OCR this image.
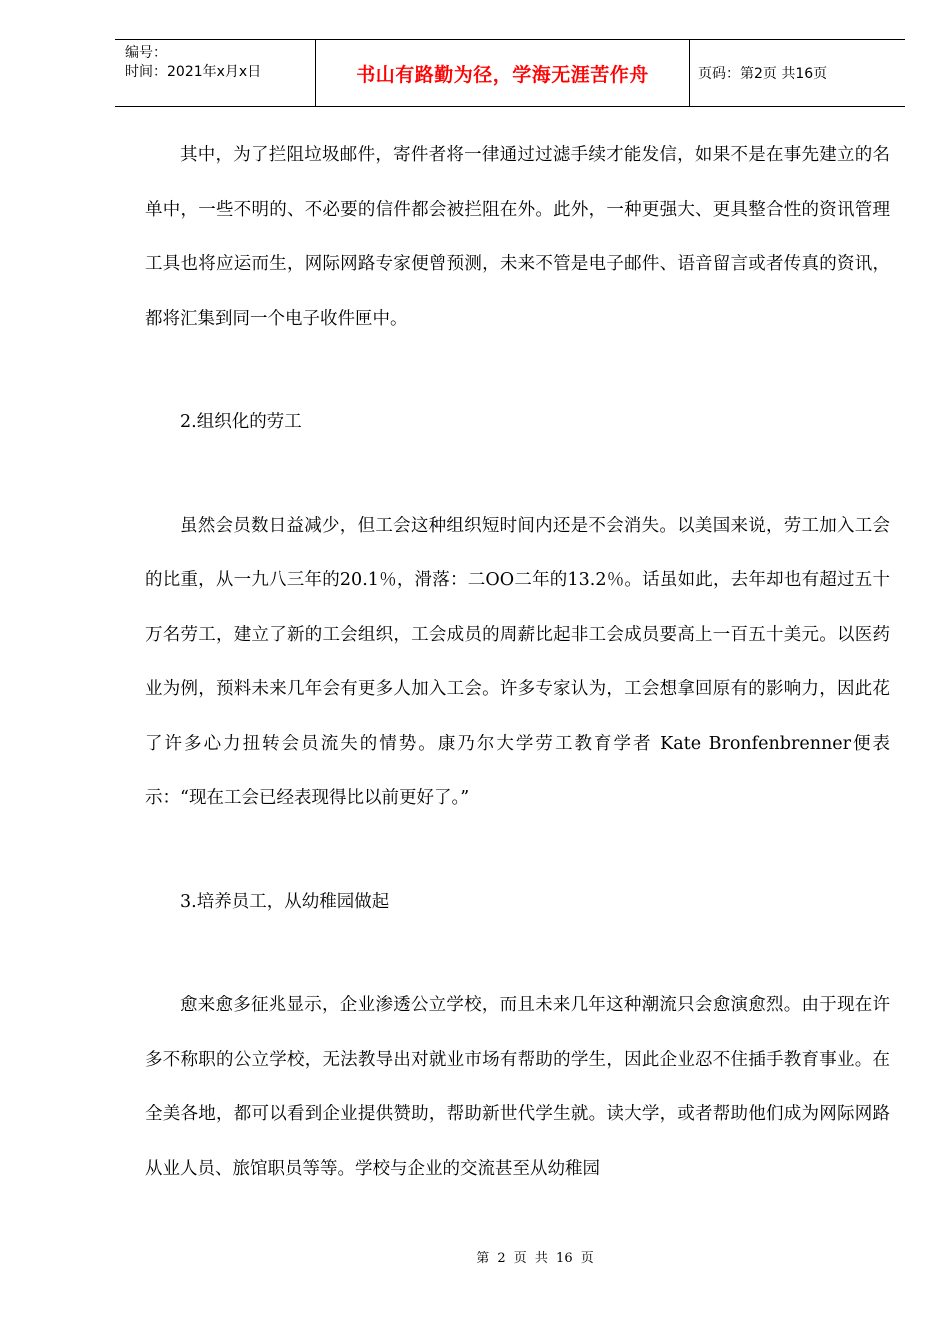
编号：
时间：2021年x月x日	书山有路勤为径，学海无涯苦作舟	页码：第2页 共16页

其中，为了拦阻垃圾邮件，寄件者将一律通过过滤手续才能发信，如果不是在事先建立的名单中，一些不明的、不必要的信件都会被拦阻在外。此外，一种更强大、更具整合性的资讯管理工具也将应运而生，网际网路专家便曾预测，未来不管是电子邮件、语音留言或者传真的资讯，都将汇集到同一个电子收件匣中。

2.组织化的劳工

虽然会员数日益减少，但工会这种组织短时间内还是不会消失。以美国来说，劳工加入工会的比重，从一九八三年的20.1％，滑落：二OO二年的13.2％。话虽如此，去年却也有超过五十万名劳工，建立了新的工会组织，工会成员的周薪比起非工会成员要高上一百五十美元。以医药业为例，预料未来几年会有更多人加入工会。许多专家认为，工会想拿回原有的影响力，因此花了许多心力扭转会员流失的情势。康乃尔大学劳工教育学者 Kate Bronfenbrenner便表示：“现在工会已经表现得比以前更好了。”

3.培养员工，从幼稚园做起

愈来愈多征兆显示，企业渗透公立学校，而且未来几年这种潮流只会愈演愈烈。由于现在许多不称职的公立学校，无法教导出对就业市场有帮助的学生，因此企业忍不住插手教育事业。在全美各地，都可以看到企业提供赞助，帮助新世代学生就。读大学，或者帮助他们成为网际网路从业人员、旅馆职员等等。学校与企业的交流甚至从幼稚园

第 2 页 共 16 页
